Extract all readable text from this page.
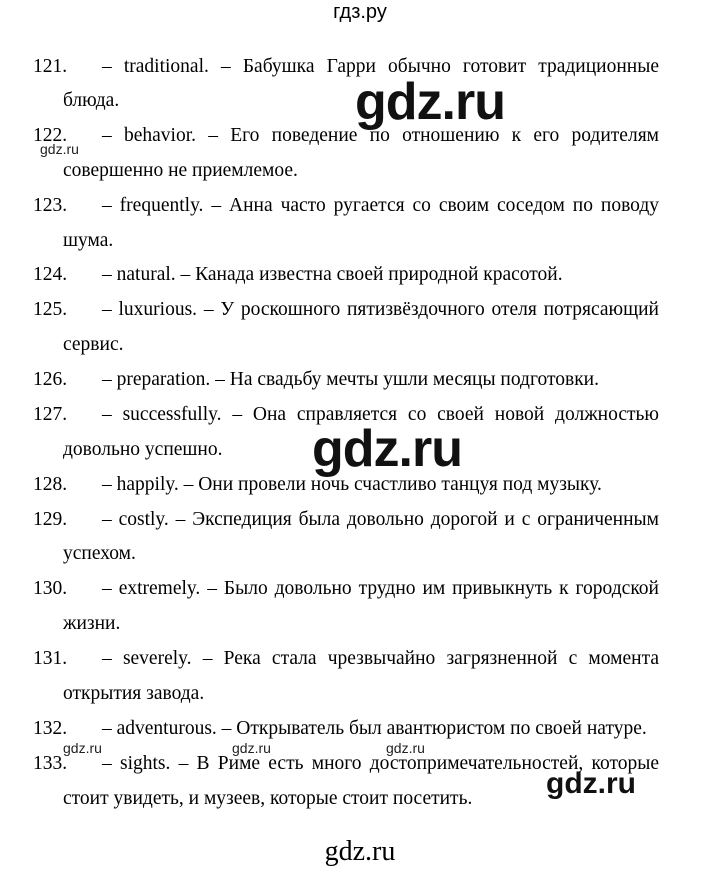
гдз.ру
121.	– traditional. – Бабушка Гарри обычно готовит традиционные
блюда.
122.	– behavior. – Его поведение по отношению к его родителям
совершенно не приемлемое.
123.	– frequently. – Анна часто ругается со своим соседом по поводу
шума.
124.	– natural. – Канада известна своей природной красотой.
125.	– luxurious. – У роскошного пятизвёздочного отеля потрясающий
сервис.
126.	– preparation. – На свадьбу мечты ушли месяцы подготовки.
127.	– successfully. – Она справляется со своей новой должностью
довольно успешно.
128.	– happily. – Они провели ночь счастливо танцуя под музыку.
129.	– costly. – Экспедиция была довольно дорогой и с ограниченным
успехом.
130.	– extremely. – Было довольно трудно им привыкнуть к городской
жизни.
131.	– severely. – Река стала чрезвычайно загрязненной с момента
открытия завода.
132.	– adventurous. – Открыватель был авантюристом по своей натуре.
133.	– sights. – В Риме есть много достопримечательностей, которые
стоит увидеть, и музеев, которые стоит посетить.
gdz.ru
gdz.ru
gdz.ru
gdz.ru
gdz.ru	gdz.ru	gdz.ru
gdz.ru
